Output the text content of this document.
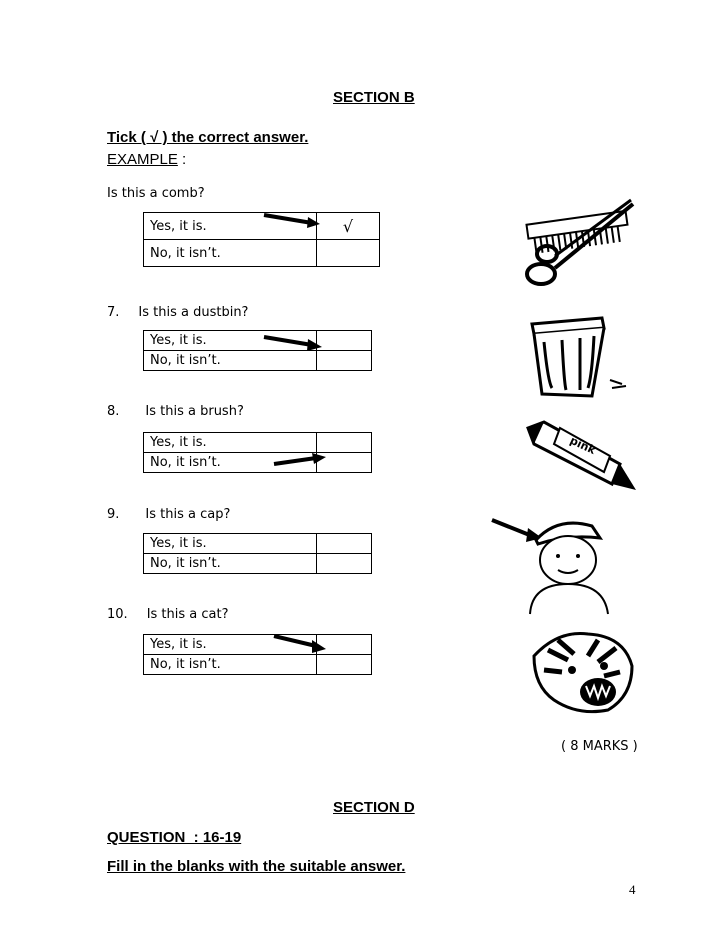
SECTION B
Tick ( √ ) the correct answer.
EXAMPLE :
Is this a comb?
Yes, it is.	√
No, it isn’t.	
7. Is this a dustbin?
Yes, it is.	
No, it isn’t.	
8. Is this a brush?
Yes, it is.	
No, it isn’t.	
9. Is this a cap?
Yes, it is.	
No, it isn’t.	
10. Is this a cat?
Yes, it is.	
No, it isn’t.	
pink
( 8 MARKS )
SECTION D
QUESTION  : 16-19
Fill in the blanks with the suitable answer.
4
